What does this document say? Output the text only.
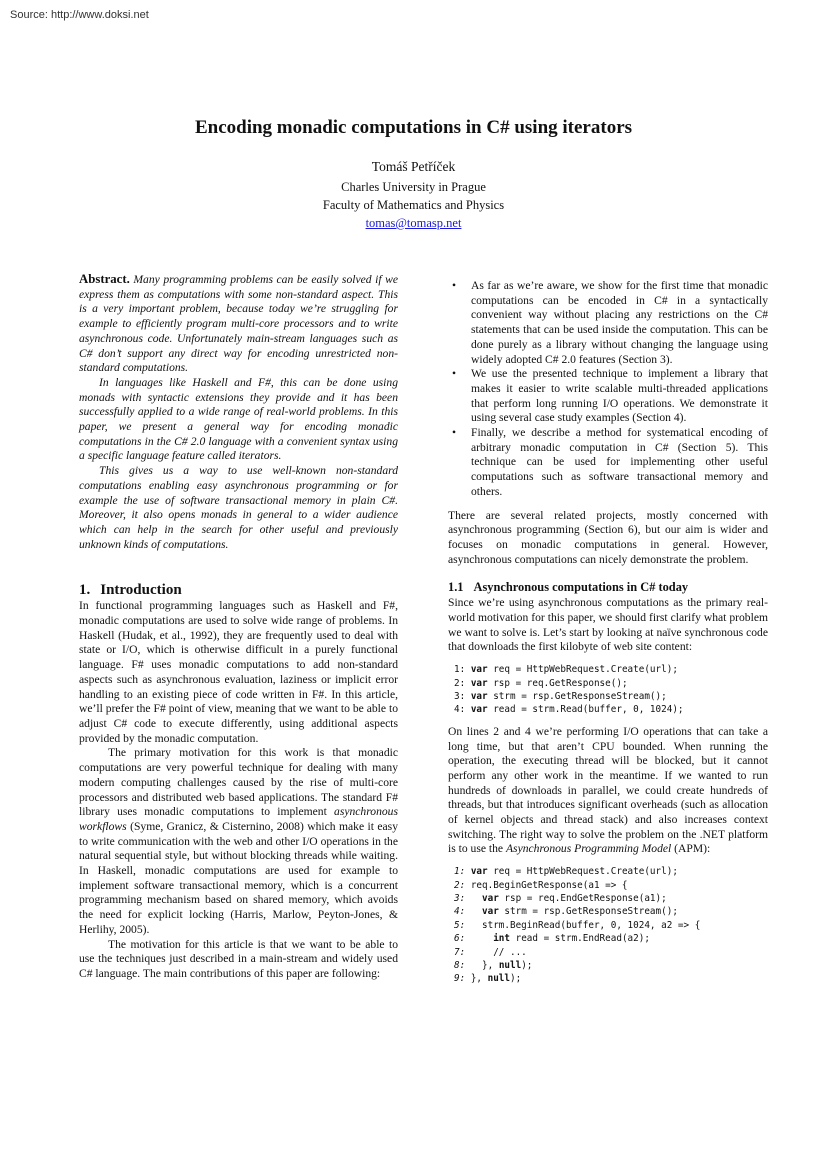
Source: http://www.doksi.net
Encoding monadic computations in C# using iterators
Tomáš Petříček
Charles University in Prague
Faculty of Mathematics and Physics
tomas@tomasp.net

Abstract. Many programming problems can be easily solved if we express them as computations with some non-standard aspect. This is a very important problem, because today we’re struggling for example to efficiently program multi-core processors and to write asynchronous code. Unfortunately main-stream languages such as C# don’t support any direct way for encoding unrestricted non-standard computations.

In languages like Haskell and F#, this can be done using monads with syntactic extensions they provide and it has been successfully applied to a wide range of real-world problems. In this paper, we present a general way for encoding monadic computations in the C# 2.0 language with a convenient syntax using a specific language feature called iterators.

This gives us a way to use well-known non-standard computations enabling easy asynchronous programming or for example the use of software transactional memory in plain C#. Moreover, it also opens monads in general to a wider audience which can help in the search for other useful and previously unknown kinds of computations.

1. Introduction

In functional programming languages such as Haskell and F#, monadic computations are used to solve wide range of problems. In Haskell (Hudak, et al., 1992), they are frequently used to deal with state or I/O, which is otherwise difficult in a purely functional language. F# uses monadic computations to add non-standard aspects such as asynchronous evaluation, laziness or implicit error handling to an existing piece of code written in F#. In this article, we’ll prefer the F# point of view, meaning that we want to be able to adjust C# code to execute differently, using additional aspects provided by the monadic computation.

The primary motivation for this work is that monadic computations are very powerful technique for dealing with many modern computing challenges caused by the rise of multi-core processors and distributed web based applications. The standard F# library uses monadic computations to implement asynchronous workflows (Syme, Granicz, & Cisternino, 2008) which make it easy to write communication with the web and other I/O operations in the natural sequential style, but without blocking threads while waiting. In Haskell, monadic computations are used for example to implement software transactional memory, which is a concurrent programming mechanism based on shared memory, which avoids the need for explicit locking (Harris, Marlow, Peyton-Jones, & Herlihy, 2005).

The motivation for this article is that we want to be able to use the techniques just described in a main-stream and widely used C# language. The main contributions of this paper are following:

• As far as we’re aware, we show for the first time that monadic computations can be encoded in C# in a syntactically convenient way without placing any restrictions on the C# statements that can be used inside the computation. This can be done purely as a library without changing the language using widely adopted C# 2.0 features (Section 3).
• We use the presented technique to implement a library that makes it easier to write scalable multi-threaded applications that perform long running I/O operations. We demonstrate it using several case study examples (Section 4).
• Finally, we describe a method for systematical encoding of arbitrary monadic computation in C# (Section 5). This technique can be used for implementing other useful computations such as software transactional memory and others.

There are several related projects, mostly concerned with asynchronous programming (Section 6), but our aim is wider and focuses on monadic computations in general. However, asynchronous computations can nicely demonstrate the problem.

1.1 Asynchronous computations in C# today

Since we’re using asynchronous computations as the primary real-world motivation for this paper, we should first clarify what problem we want to solve is. Let’s start by looking at naïve synchronous code that downloads the first kilobyte of web site content:

1: var req = HttpWebRequest.Create(url);
2: var rsp = req.GetResponse();
3: var strm = rsp.GetResponseStream();
4: var read = strm.Read(buffer, 0, 1024);

On lines 2 and 4 we’re performing I/O operations that can take a long time, but that aren’t CPU bounded. When running the operation, the executing thread will be blocked, but it cannot perform any other work in the meantime. If we wanted to run hundreds of downloads in parallel, we could create hundreds of threads, but that introduces significant overheads (such as allocation of kernel objects and thread stack) and also increases context switching. The right way to solve the problem on the .NET platform is to use the Asynchronous Programming Model (APM):

1: var req = HttpWebRequest.Create(url);
2: req.BeginGetResponse(a1 => {
3: var rsp = req.EndGetResponse(a1);
4: var strm = rsp.GetResponseStream();
5:   strm.BeginRead(buffer, 0, 1024, a2 => {
6:	int read = strm.EndRead(a2);
7:     // ...
8:   }, null);
9: }, null);
